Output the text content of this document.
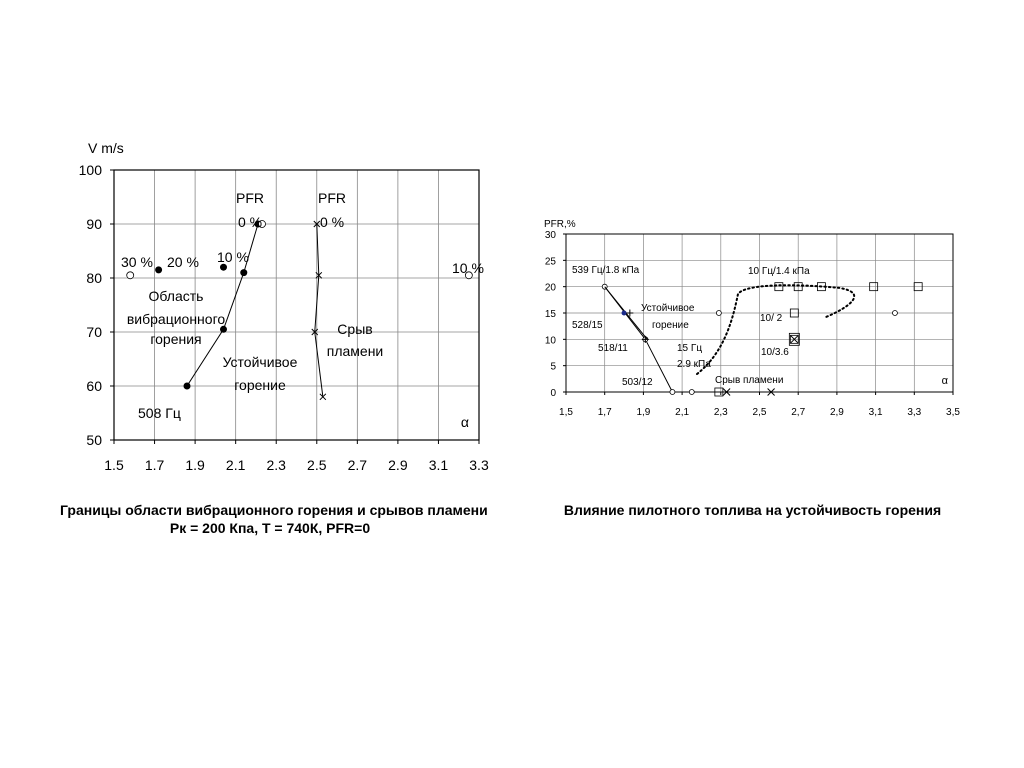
1.5 1.7 1.9 2.1 2.3 2.5 2.7 2.9 3.1 3.3
50
60
70
80
90
100
V m/s
α
PFR
0 %
PFR
0 %
30 % 20 % 10 %
10 %
Область
вибрационного
горения
Устойчивое
горение
Срыв
пламени
508 Гц	1,5 1,7 1,9 2,1 2,3 2,5 2,7 2,9 3,1 3,3 3,5
0
5
10
15
20
25
30
PFR,%
α
539 Гц/1.8 кПа
528/15
518/11
503/12
Устойчивое
горение
15 Гц
2.9 кПа
10 Гц/1.4 кПа
10/ 2
10/3.6
Срыв пламени
Границы области вибрационного горения и срывов пламени
Рк = 200 Кпа, Т = 740К, PFR=0
Влияние пилотного топлива на устойчивость горения
